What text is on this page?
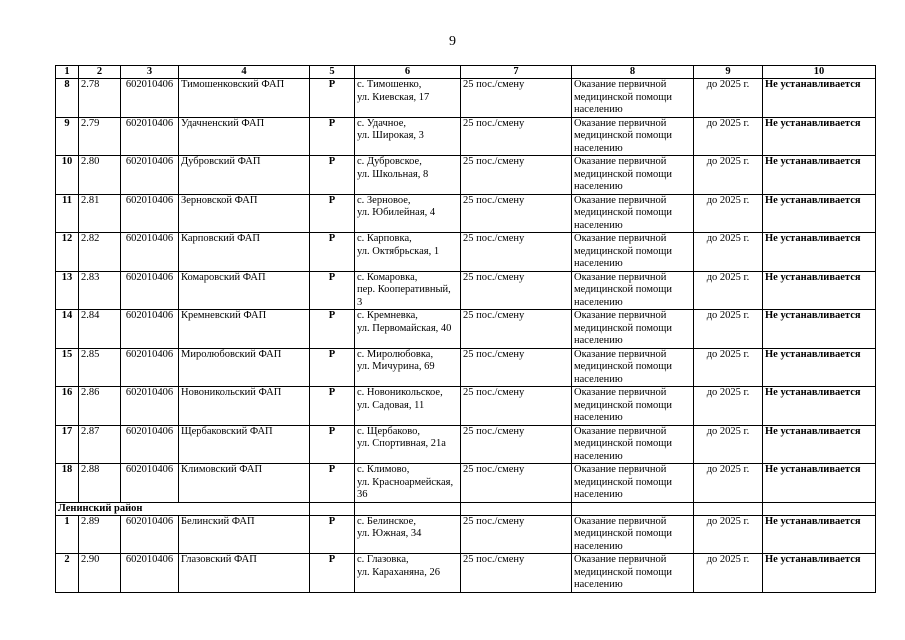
9
1	2	3	4	5	6	7	8	9	10
8	2.78	602010406	Тимошенковский ФАП	Р	с. Тимошенко,
ул. Киевская, 17	25 пос./смену	Оказание первичной медицинской помощи населению	до 2025 г.	Не устанавливается
9	2.79	602010406	Удачненский ФАП	Р	с. Удачное,
ул. Широкая, 3	25 пос./смену	Оказание первичной медицинской помощи населению	до 2025 г.	Не устанавливается
10	2.80	602010406	Дубровский ФАП	Р	с. Дубровское,
ул. Школьная, 8	25 пос./смену	Оказание первичной медицинской помощи населению	до 2025 г.	Не устанавливается
11	2.81	602010406	Зерновской ФАП	Р	с. Зерновое,
ул. Юбилейная, 4	25 пос./смену	Оказание первичной медицинской помощи населению	до 2025 г.	Не устанавливается
12	2.82	602010406	Карповский ФАП	Р	с. Карповка,
ул. Октябрьская, 1	25 пос./смену	Оказание первичной медицинской помощи населению	до 2025 г.	Не устанавливается
13	2.83	602010406	Комаровский ФАП	Р	с. Комаровка,
пер. Кооперативный, 3	25 пос./смену	Оказание первичной медицинской помощи населению	до 2025 г.	Не устанавливается
14	2.84	602010406	Кремневский ФАП	Р	с. Кремневка,
ул. Первомайская, 40	25 пос./смену	Оказание первичной медицинской помощи населению	до 2025 г.	Не устанавливается
15	2.85	602010406	Миролюбовский ФАП	Р	с. Миролюбовка,
ул. Мичурина, 69	25 пос./смену	Оказание первичной медицинской помощи населению	до 2025 г.	Не устанавливается
16	2.86	602010406	Новоникольский ФАП	Р	с. Новоникольское,
ул. Садовая, 11	25 пос./смену	Оказание первичной медицинской помощи населению	до 2025 г.	Не устанавливается
17	2.87	602010406	Щербаковский ФАП	Р	с. Щербаково,
ул. Спортивная, 21а	25 пос./смену	Оказание первичной медицинской помощи населению	до 2025 г.	Не устанавливается
18	2.88	602010406	Климовский ФАП	Р	с. Климово,
ул. Красноармейская, 36	25 пос./смену	Оказание первичной медицинской помощи населению	до 2025 г.	Не устанавливается
Ленинский район									
1	2.89	602010406	Белинский ФАП	Р	с. Белинское,
ул. Южная, 34	25 пос./смену	Оказание первичной медицинской помощи населению	до 2025 г.	Не устанавливается
2	2.90	602010406	Глазовский ФАП	Р	с. Глазовка,
ул. Караханяна, 26	25 пос./смену	Оказание первичной медицинской помощи населению	до 2025 г.	Не устанавливается
